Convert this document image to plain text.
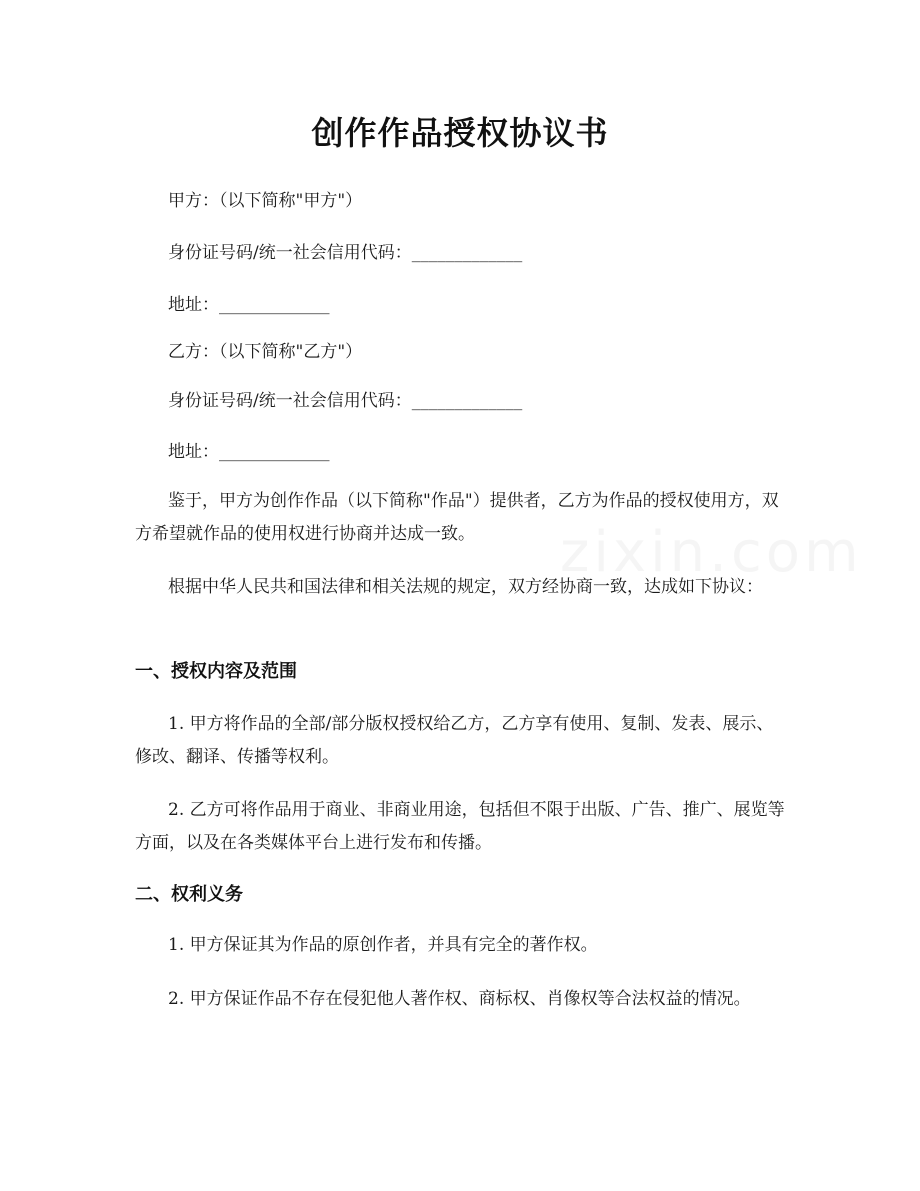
创作作品授权协议书
甲方：（以下简称"甲方"）
身份证号码/统一社会信用代码：_____________
地址：_____________
乙方：（以下简称"乙方"）
身份证号码/统一社会信用代码：_____________
地址：_____________
鉴于，甲方为创作作品（以下简称"作品"）提供者，乙方为作品的授权使用方，双方希望就作品的使用权进行协商并达成一致。
根据中华人民共和国法律和相关法规的规定，双方经协商一致，达成如下协议：
一、授权内容及范围
1. 甲方将作品的全部/部分版权授权给乙方，乙方享有使用、复制、发表、展示、修改、翻译、传播等权利。
2. 乙方可将作品用于商业、非商业用途，包括但不限于出版、广告、推广、展览等方面，以及在各类媒体平台上进行发布和传播。
二、权利义务
1. 甲方保证其为作品的原创作者，并具有完全的著作权。
2. 甲方保证作品不存在侵犯他人著作权、商标权、肖像权等合法权益的情况。
zixin.com
